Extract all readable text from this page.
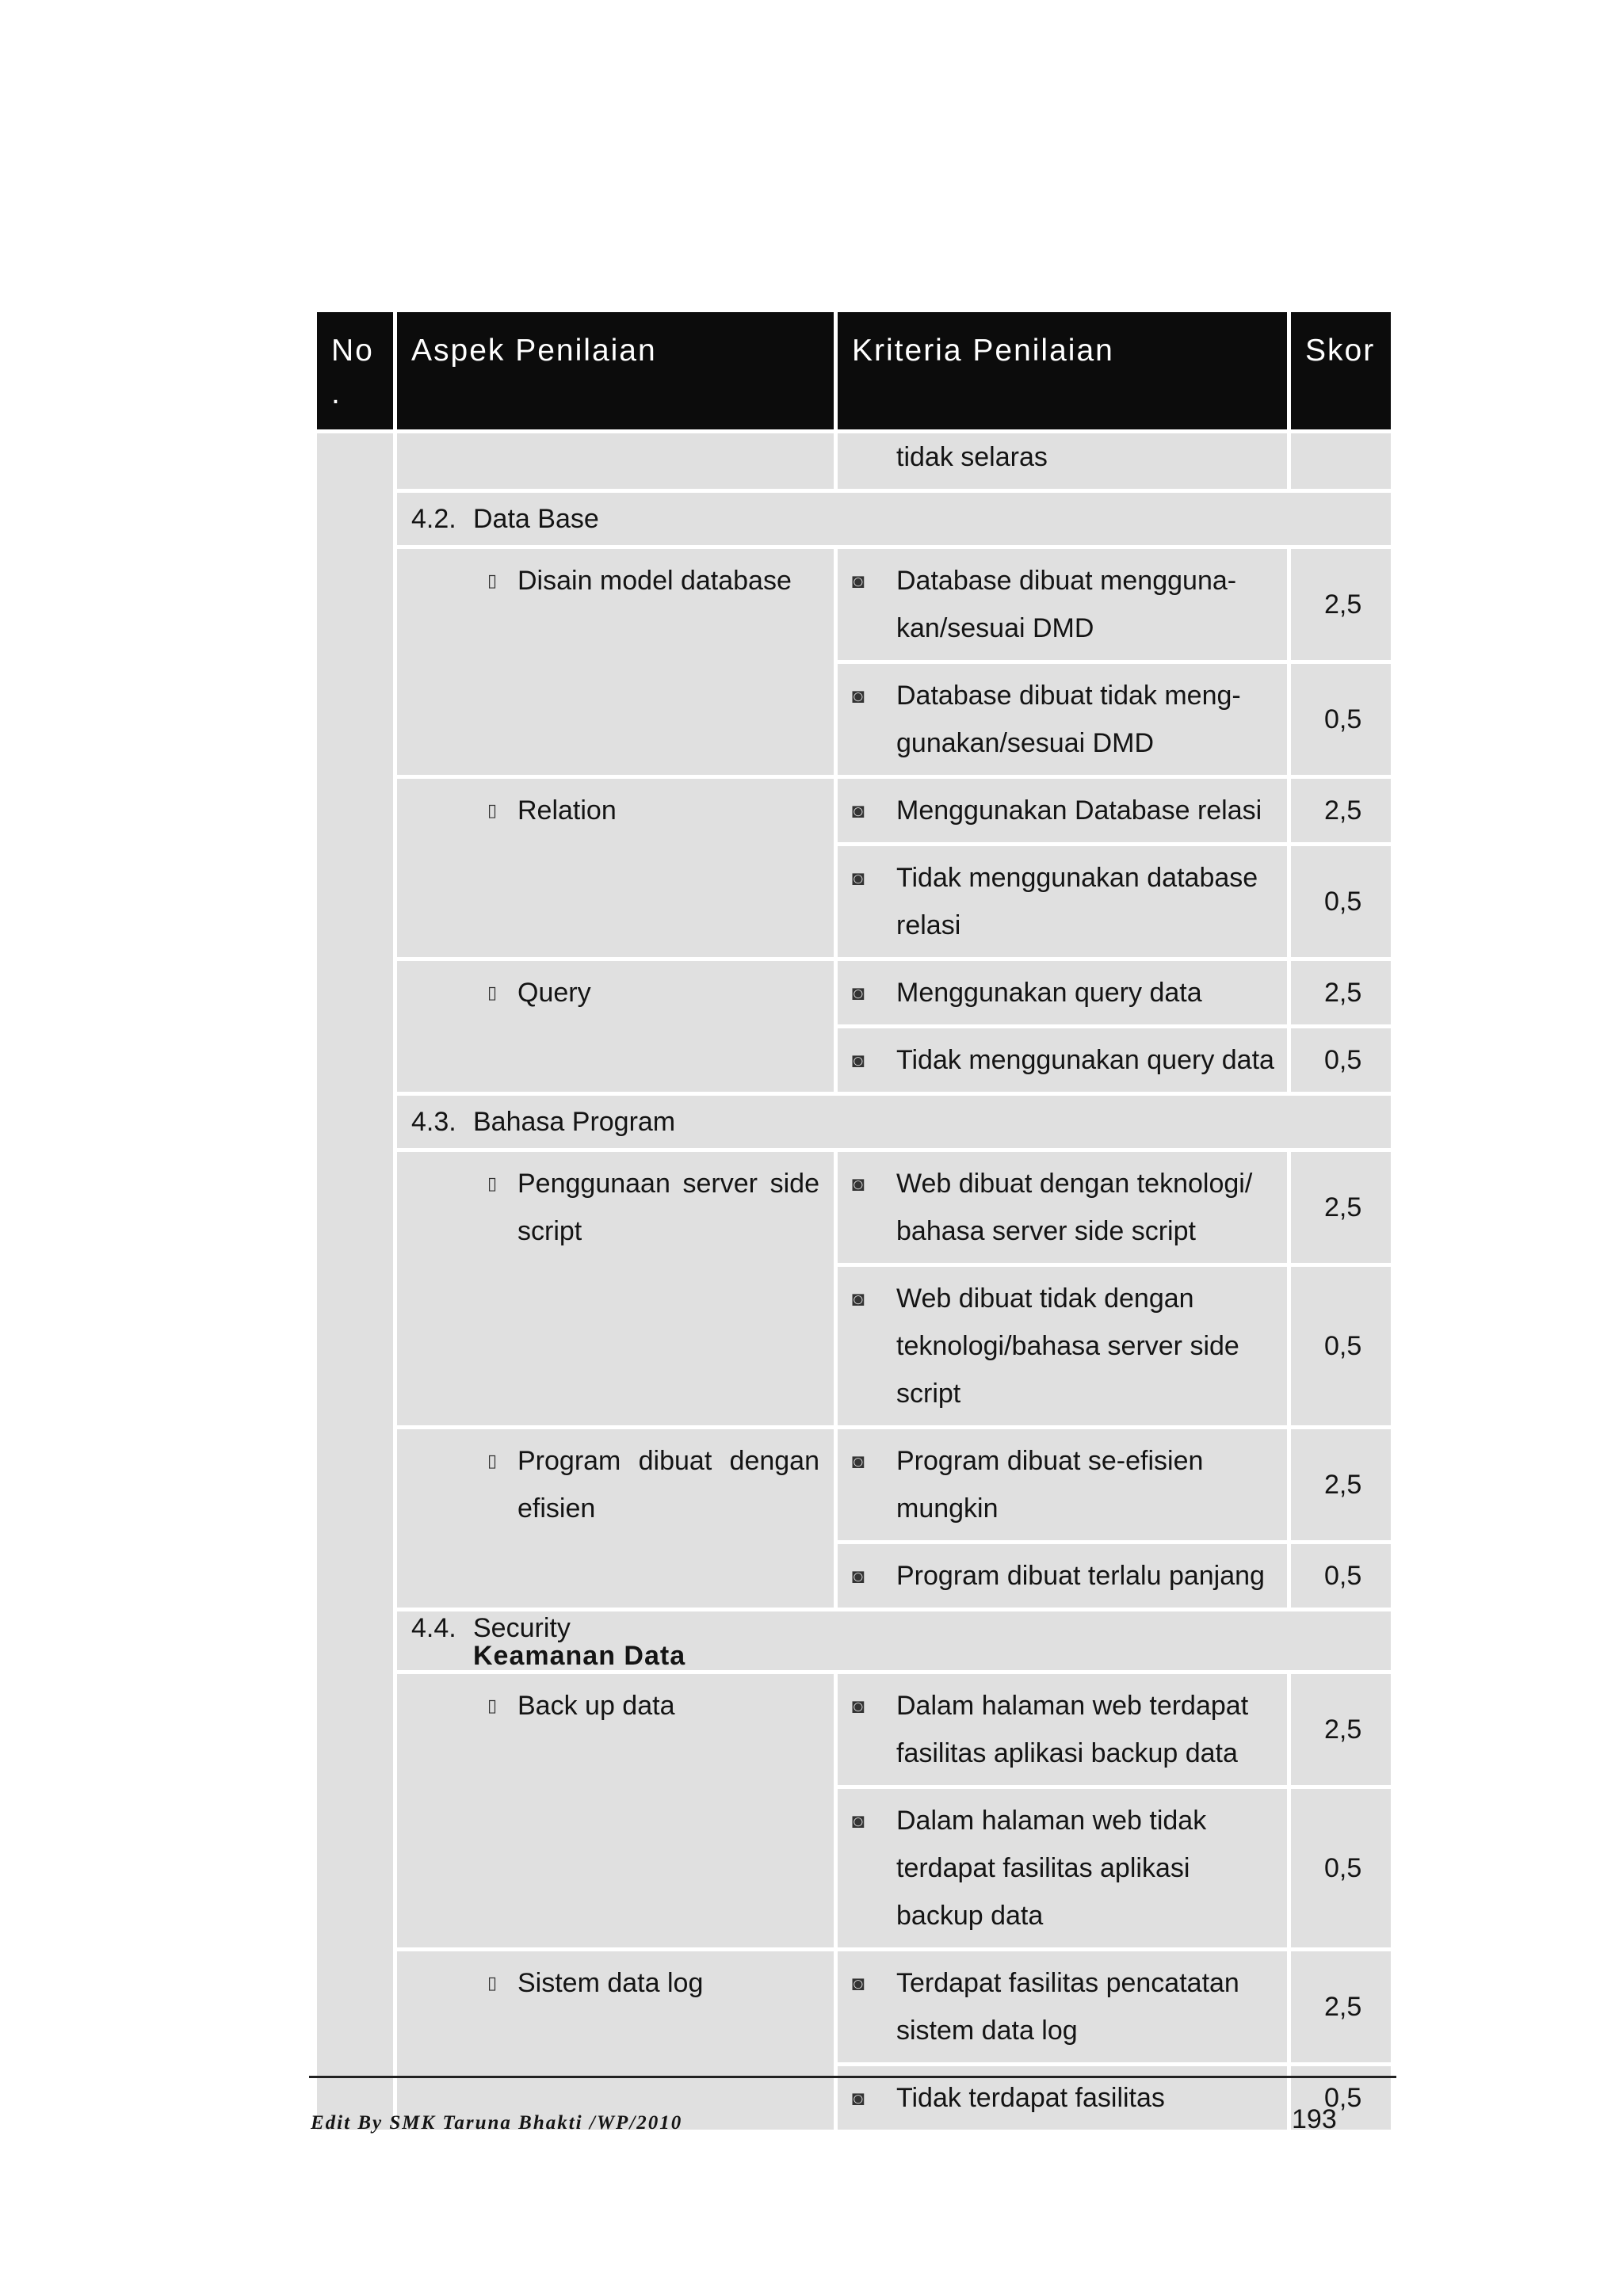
No
.	Aspek Penilaian	Kriteria Penilaian	Skor

		tidak selaras	

	4.2. Data Base		

	▯ Disain model database	◙ Database dibuat mengguna-kan/sesuai DMD	2,5

		◙ Database dibuat tidak meng-gunakan/sesuai DMD	0,5

	▯ Relation	◙ Menggunakan Database relasi	2,5

		◙ Tidak menggunakan database relasi	0,5

	▯ Query	◙ Menggunakan query data	2,5

		◙ Tidak menggunakan query data	0,5
	4.3. Bahasa Program		

	▯ Penggunaan server side script	◙ Web dibuat dengan teknologi/ bahasa server side script	2,5

		◙ Web dibuat tidak dengan teknologi/bahasa server side script	0,5

	▯ Program dibuat dengan efisien	◙ Program dibuat se-efisien mungkin	2,5

		◙ Program dibuat terlalu panjang	0,5
	4.4. Security
Keamanan Data		

	▯ Back up data	◙ Dalam halaman web terdapat fasilitas aplikasi backup data	2,5

		◙ Dalam halaman web tidak terdapat fasilitas aplikasi backup data	0,5

	▯ Sistem data log	◙ Terdapat fasilitas pencatatan sistem data log	2,5

		◙ Tidak terdapat fasilitas	0,5
Edit By SMK Taruna Bhakti /WP/2010	193
